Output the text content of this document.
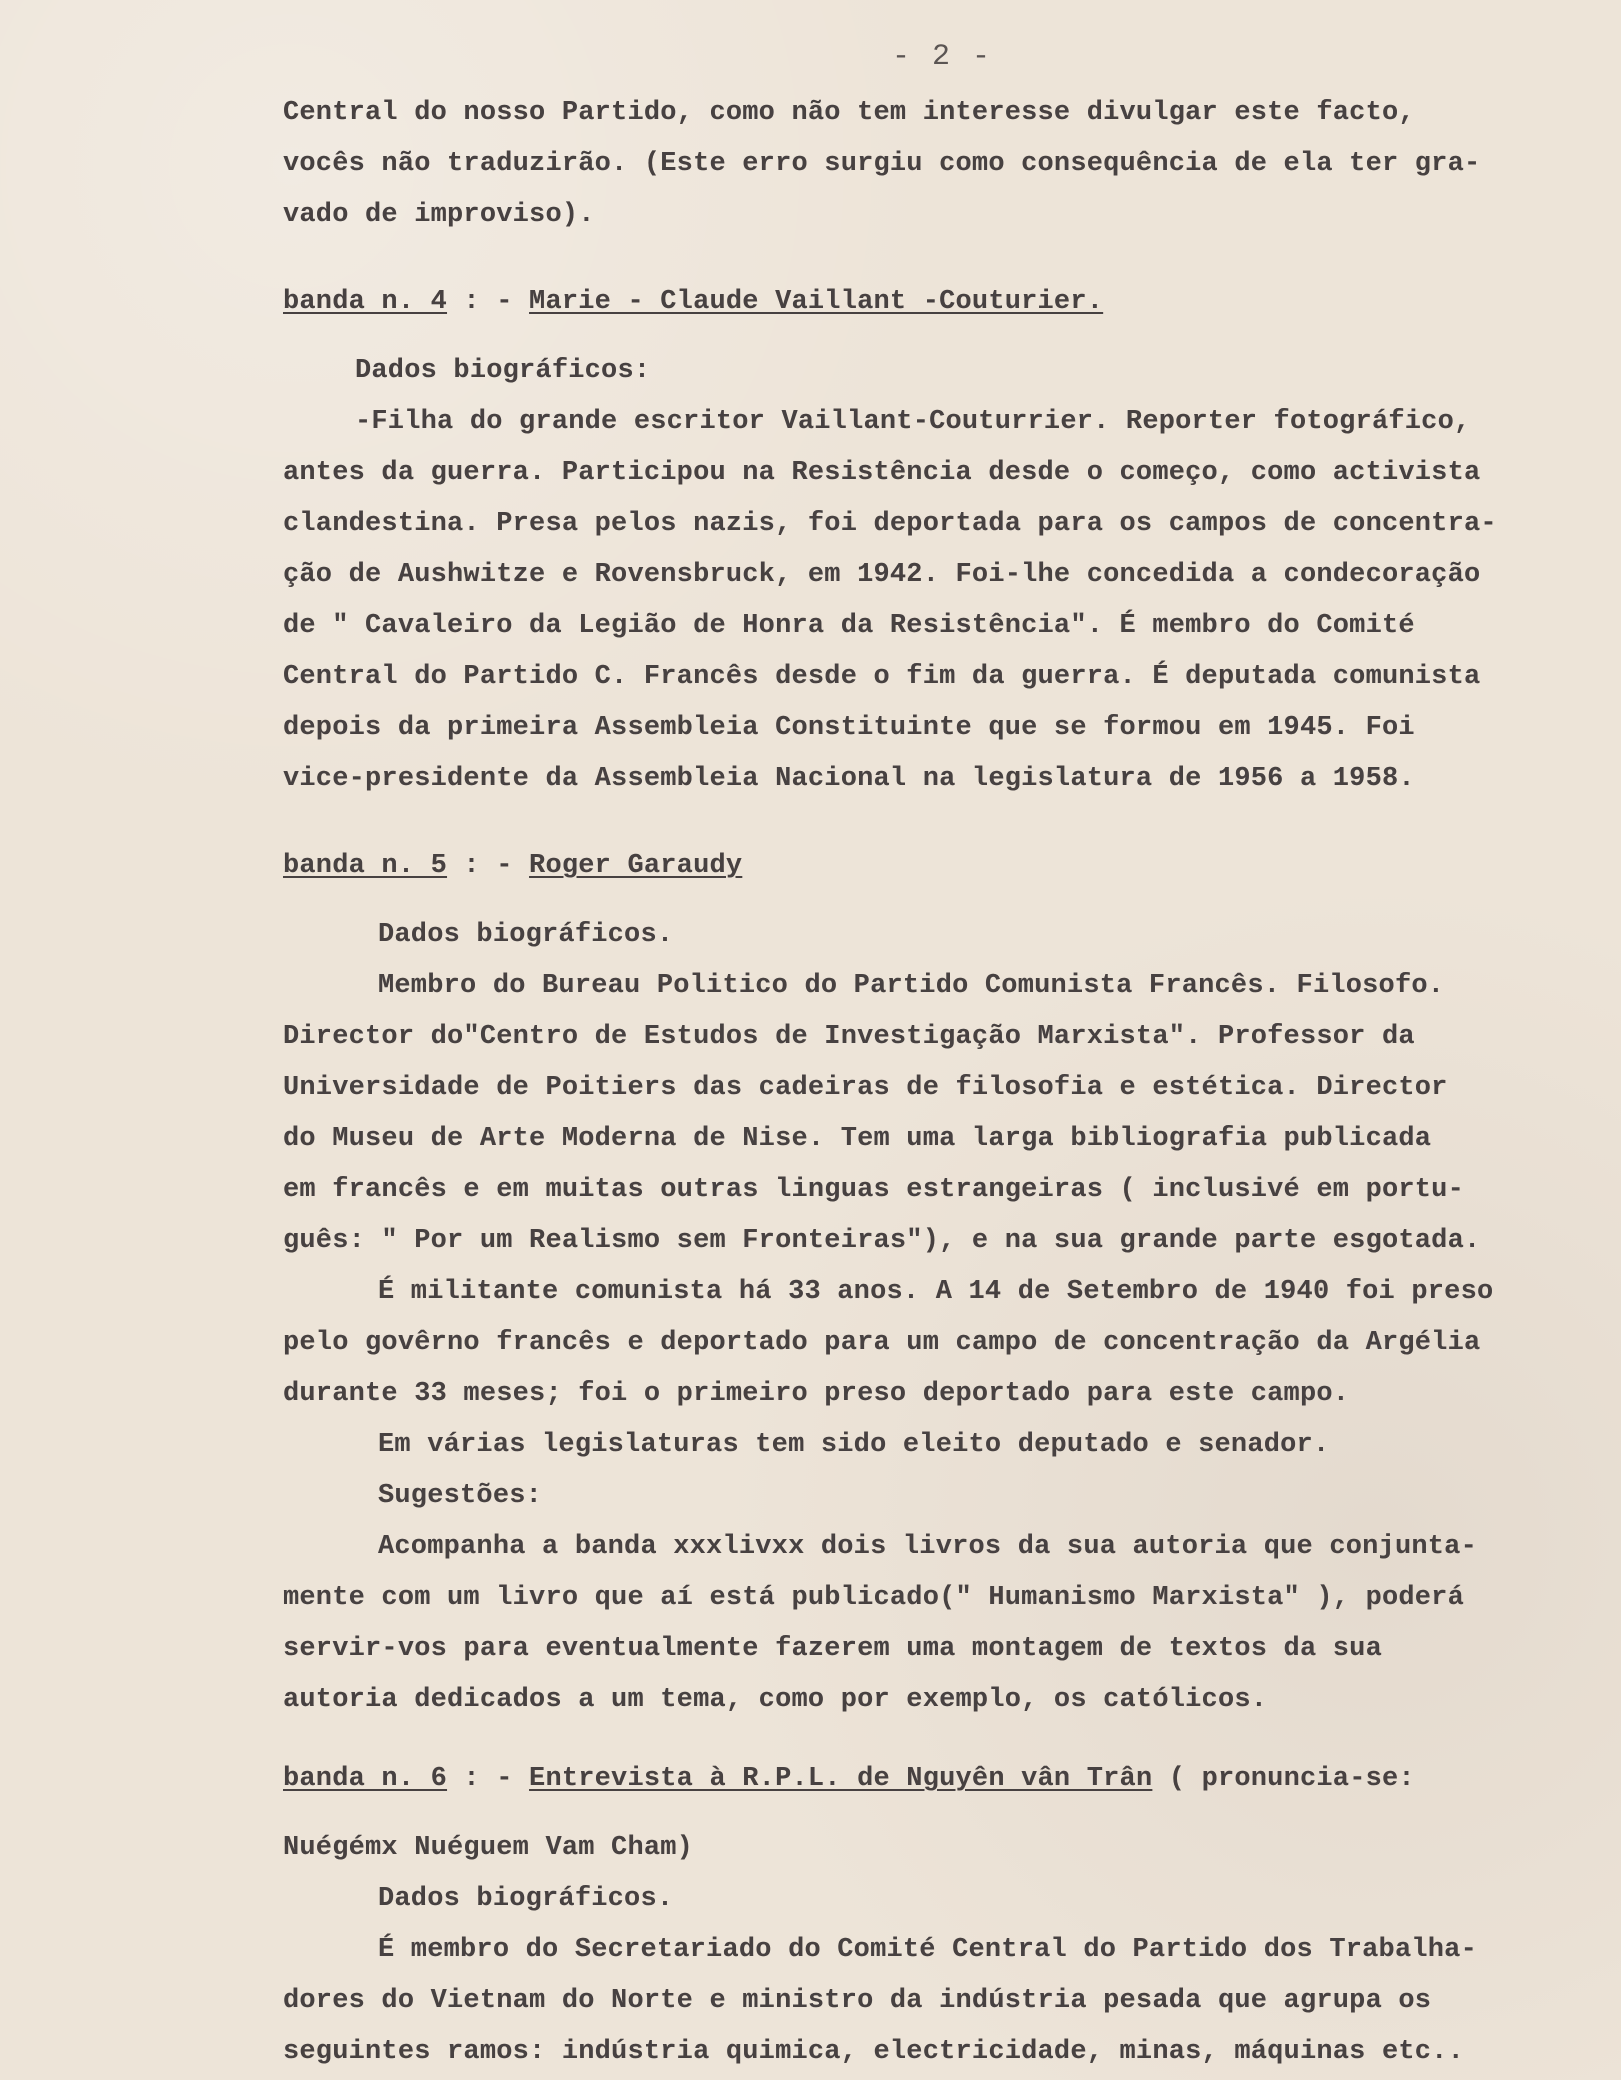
- 2 -

Central do nosso Partido, como não tem interesse divulgar este facto,

vocês não traduzirão. (Este erro surgiu como consequência de ela ter gra-

vado de improviso).

banda n. 4 : - Marie - Claude Vaillant -Couturier.

Dados biográficos:

-Filha do grande escritor Vaillant-Couturrier. Reporter fotográfico,

antes da guerra. Participou na Resistência desde o começo, como activista

clandestina. Presa pelos nazis, foi deportada para os campos de concentra-

ção de Aushwitze e Rovensbruck, em 1942. Foi-lhe concedida a condecoração

de " Cavaleiro da Legião de Honra da Resistência". É membro do Comité

Central do Partido C. Francês desde o fim da guerra. É deputada comunista

depois da primeira Assembleia Constituinte que se formou em 1945. Foi

vice-presidente da Assembleia Nacional na legislatura de 1956 a 1958.

banda n. 5 : - Roger Garaudy

Dados biográficos.

Membro do Bureau Politico do Partido Comunista Francês. Filosofo.

Director do"Centro de Estudos de Investigação Marxista". Professor da

Universidade de Poitiers das cadeiras de filosofia e estética. Director

do Museu de Arte Moderna de Nise. Tem uma larga bibliografia publicada

em francês e em muitas outras linguas estrangeiras ( inclusivé em portu-

guês: " Por um Realismo sem Fronteiras"), e na sua grande parte esgotada.

É militante comunista há 33 anos. A 14 de Setembro de 1940 foi preso

pelo govêrno francês e deportado para um campo de concentração da Argélia

durante 33 meses; foi o primeiro preso deportado para este campo.

Em várias legislaturas tem sido eleito deputado e senador.

Sugestões:

Acompanha a banda xxxlivxx dois livros da sua autoria que conjunta-

mente com um livro que aí está publicado(" Humanismo Marxista" ), poderá

servir-vos para eventualmente fazerem uma montagem de textos da sua

autoria dedicados a um tema, como por exemplo, os católicos.

banda n. 6 : - Entrevista à R.P.L. de Nguyên vân Trân ( pronuncia-se:

Nuégémx Nuéguem Vam Cham)

Dados biográficos.

É membro do Secretariado do Comité Central do Partido dos Trabalha-

dores do Vietnam do Norte e ministro da indústria pesada que agrupa os

seguintes ramos: indústria quimica, electricidade, minas, máquinas etc..
